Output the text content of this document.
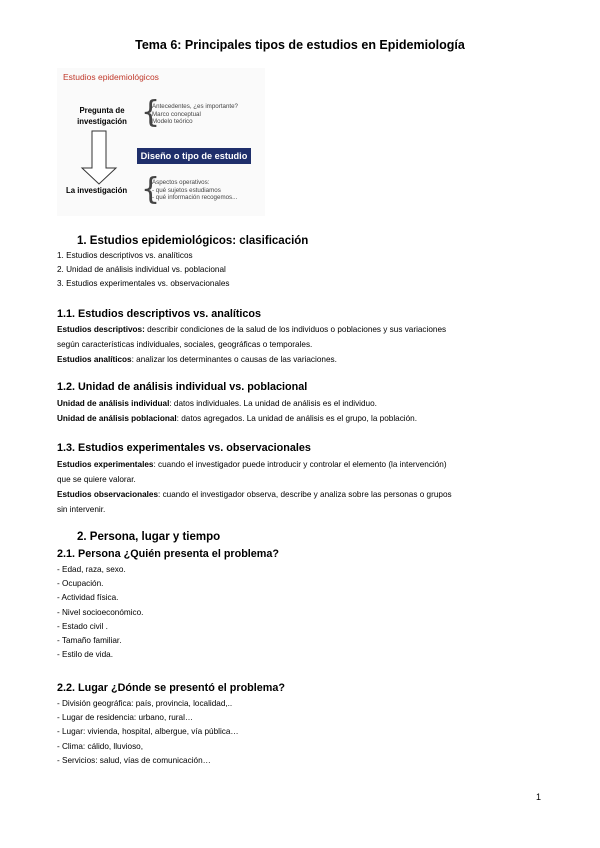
Tema 6: Principales tipos de estudios en Epidemiología
Estudios epidemiológicos
Pregunta de investigación {
Antecedentes, ¿es importante?
Marco conceptual
Modelo teórico
Diseño o tipo de estudio
La investigación {
Aspectos operativos:
- qué sujetos estudiamos
- qué información recogemos...
1. Estudios epidemiológicos: clasificación
1. Estudios descriptivos vs. analíticos
2. Unidad de análisis individual vs. poblacional
3. Estudios experimentales vs. observacionales
1.1. Estudios descriptivos vs. analíticos
Estudios descriptivos: describir condiciones de la salud de los individuos o poblaciones y sus variaciones
según características individuales, sociales, geográficas o temporales.
Estudios analíticos: analizar los determinantes o causas de las variaciones.
1.2. Unidad de análisis individual vs. poblacional
Unidad de análisis individual: datos individuales. La unidad de análisis es el individuo.
Unidad de análisis poblacional: datos agregados. La unidad de análisis es el grupo, la población.
1.3. Estudios experimentales vs. observacionales
Estudios experimentales: cuando el investigador puede introducir y controlar el elemento (la intervención)
que se quiere valorar.
Estudios observacionales: cuando el investigador observa, describe y analiza sobre las personas o grupos
sin intervenir.
2. Persona, lugar y tiempo
2.1. Persona ¿Quién presenta el problema?
- Edad, raza, sexo.
- Ocupación.
- Actividad física.
- Nivel socioeconómico.
- Estado civil .
- Tamaño familiar.
- Estilo de vida.
2.2. Lugar ¿Dónde se presentó el problema?
- División geográfica: país, provincia, localidad,..
- Lugar de residencia: urbano, rural…
- Lugar: vivienda, hospital, albergue, vía pública…
- Clima: cálido, lluvioso,
- Servicios: salud, vías de comunicación…
1
